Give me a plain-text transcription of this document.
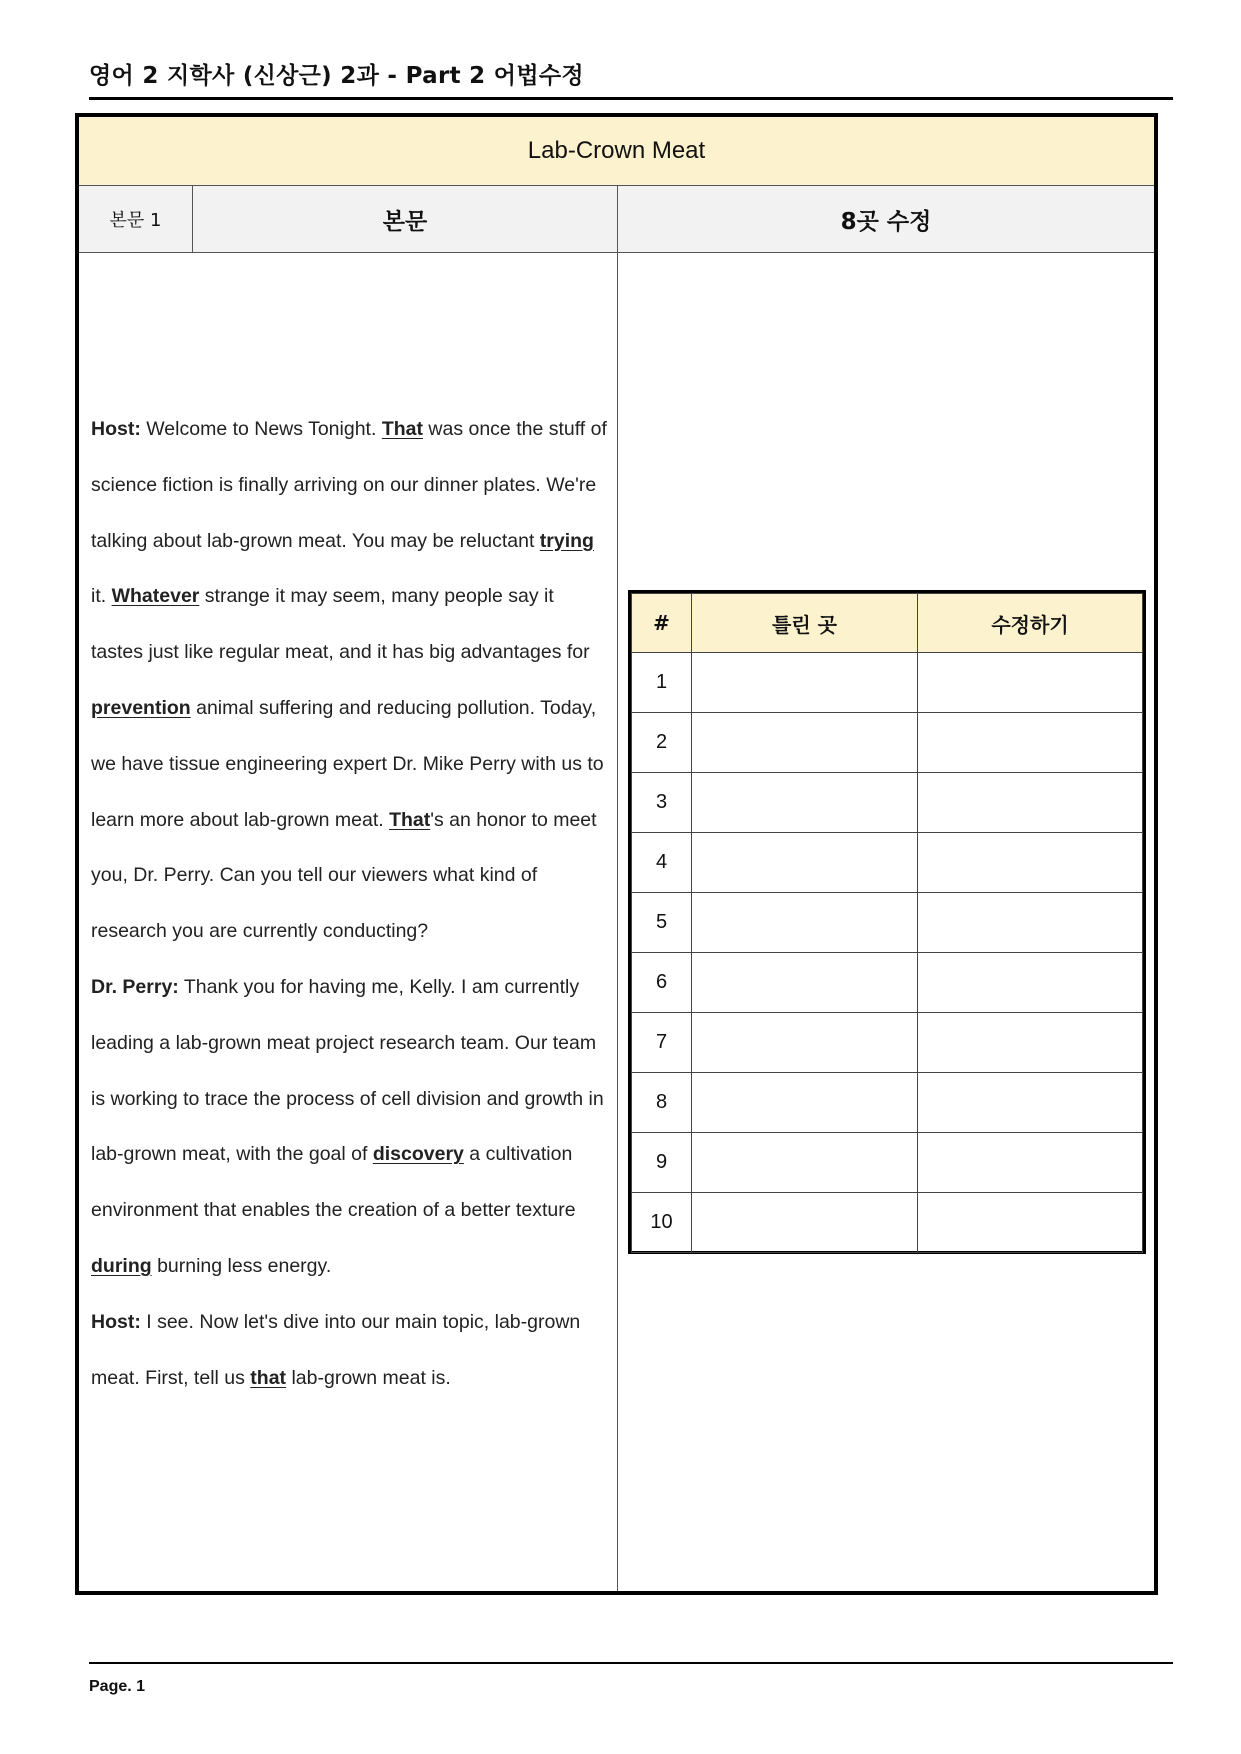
영어 2 지학사 (신상근) 2과 - Part 2 어법수정
Lab-Crown Meat
본문 1	본문	8곳 수정

Host: Welcome to News Tonight. That was once the stuff of science fiction is finally arriving on our dinner plates. We're talking about lab-grown meat. You may be reluctant trying it. Whatever strange it may seem, many people say it tastes just like regular meat, and it has big advantages for prevention animal suffering and reducing pollution. Today, we have tissue engineering expert Dr. Mike Perry with us to learn more about lab-grown meat. That's an honor to meet you, Dr. Perry. Can you tell our viewers what kind of research you are currently conducting?

Dr. Perry: Thank you for having me, Kelly. I am currently leading a lab-grown meat project research team. Our team is working to trace the process of cell division and growth in lab-grown meat, with the goal of discovery a cultivation environment that enables the creation of a better texture during burning less energy.

Host: I see. Now let's dive into our main topic, lab-grown meat. First, tell us that lab-grown meat is.

#	틀린 곳	수정하기
1		
2		
3		
4		
5		
6		
7		
8		
9		
10		
Page. 1
